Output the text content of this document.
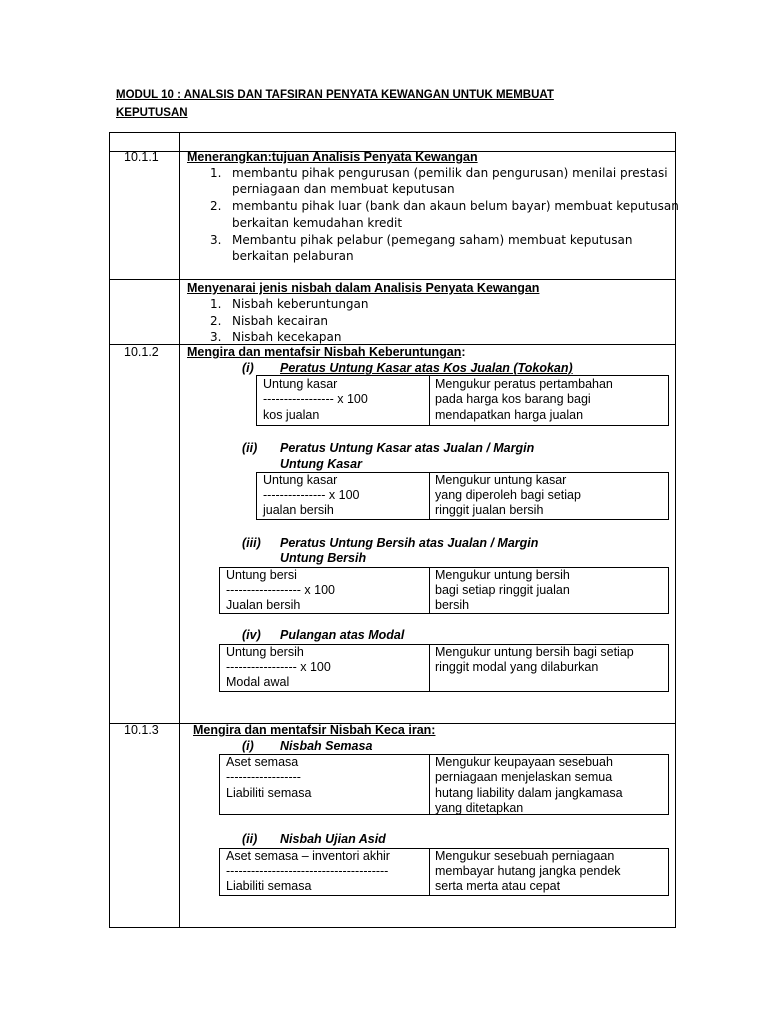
MODUL 10 : ANALSIS DAN TAFSIRAN PENYATA KEWANGAN UNTUK MEMBUAT
KEPUTUSAN
10.1.1 Menerangkan:tujuan Analisis Penyata Kewangan
1. membantu pihak pengurusan (pemilik dan pengurusan) menilai prestasi
perniagaan dan membuat keputusan
2. membantu pihak luar (bank dan akaun belum bayar) membuat keputusan
berkaitan kemudahan kredit
3. Membantu pihak pelabur (pemegang saham) membuat keputusan
berkaitan pelaburan
Menyenarai jenis nisbah dalam Analisis Penyata Kewangan
1. Nisbah keberuntungan
2. Nisbah kecairan
3. Nisbah kecekapan
10.1.2 Mengira dan mentafsir Nisbah Keberuntungan:
(i) Peratus Untung Kasar atas Kos Jualan (Tokokan)
Untung kasar
----------------- x 100
kos jualan
Mengukur peratus pertambahan
pada harga kos barang bagi
mendapatkan harga jualan
(ii) Peratus Untung Kasar atas Jualan / Margin
Untung Kasar
Untung kasar
--------------- x 100
jualan bersih
Mengukur untung kasar
yang diperoleh bagi setiap
ringgit jualan bersih
(iii) Peratus Untung Bersih atas Jualan / Margin
Untung Bersih
Untung bersi
------------------ x 100
Jualan bersih
Mengukur untung bersih
bagi setiap ringgit jualan
bersih
(iv) Pulangan atas Modal
Untung bersih
----------------- x 100
Modal awal
Mengukur untung bersih bagi setiap
ringgit modal yang dilaburkan
10.1.3	Mengira dan mentafsir Nisbah Keca iran:
(i) Nisbah Semasa
Aset semasa
------------------
Liabiliti semasa
Mengukur keupayaan sesebuah
perniagaan menjelaskan semua
hutang liability dalam jangkamasa
yang ditetapkan
(ii) Nisbah Ujian Asid
Aset semasa – inventori akhir
---------------------------------------
Liabiliti semasa
Mengukur sesebuah perniagaan
membayar hutang jangka pendek
serta merta atau cepat
